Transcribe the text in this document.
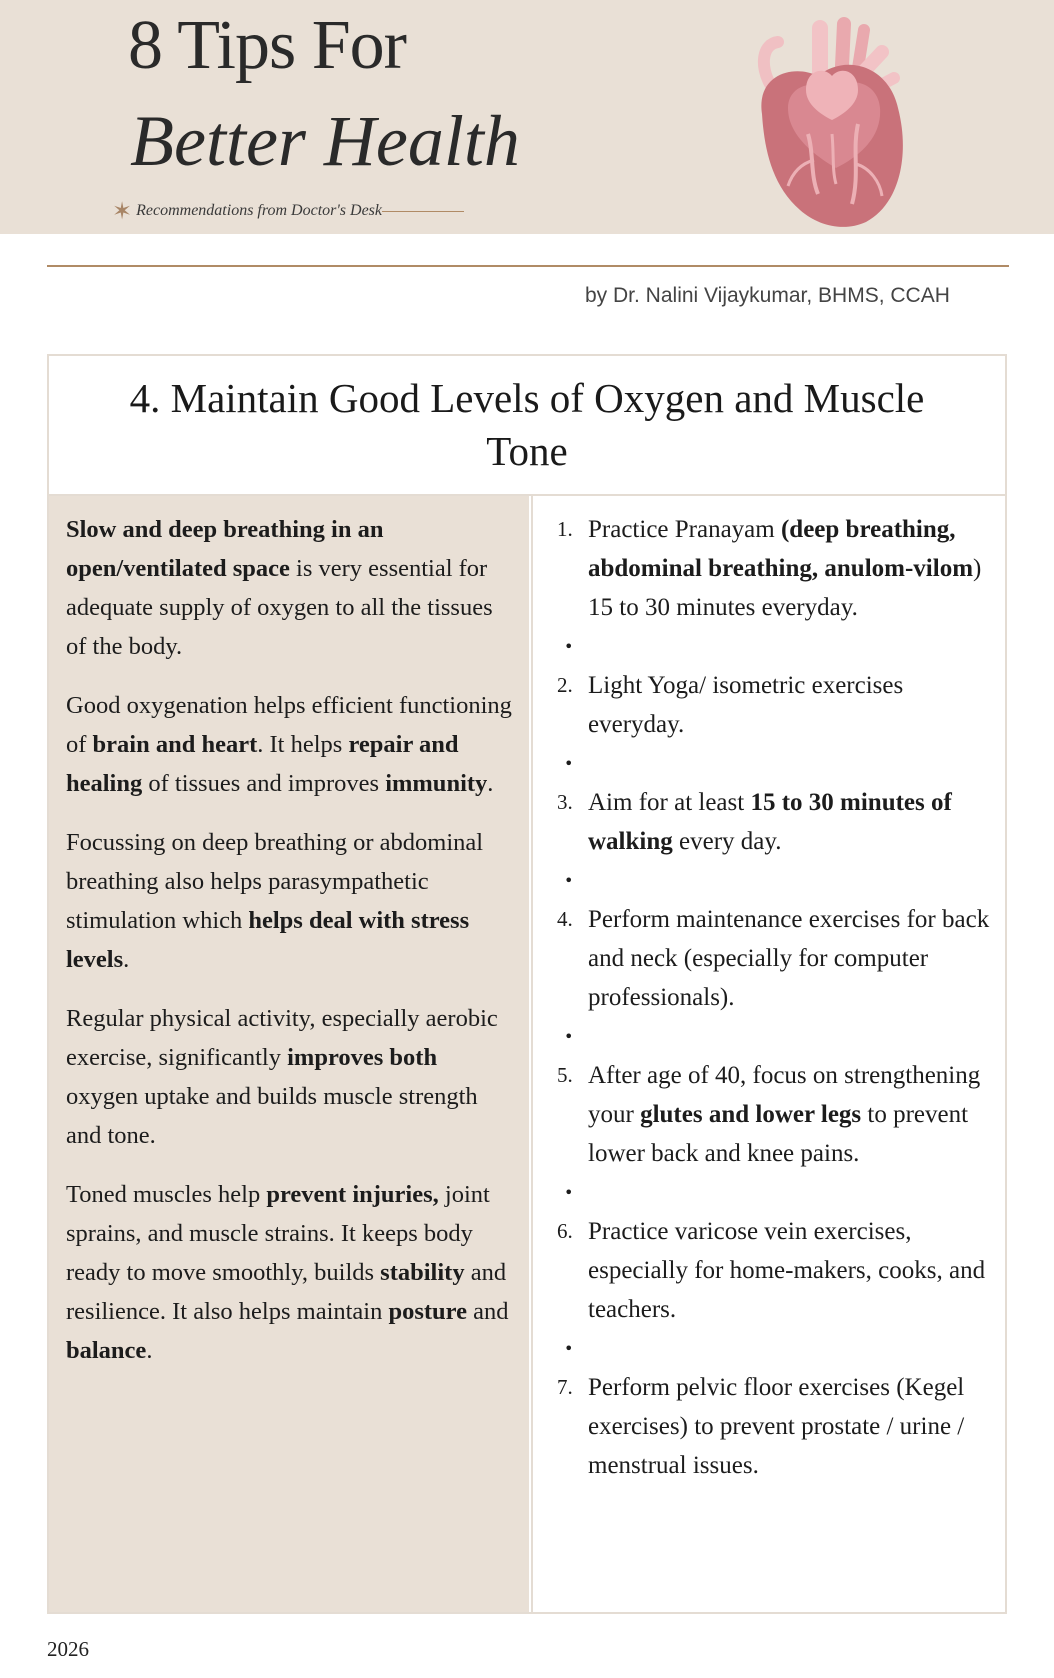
8 Tips For
Better Health
✶ Recommendations from Doctor's Desk
by Dr. Nalini Vijaykumar, BHMS, CCAH
4. Maintain Good Levels of Oxygen and Muscle Tone

Slow and deep breathing in an open/ventilated space is very essential for adequate supply of oxygen to all the tissues of the body.

Good oxygenation helps efficient functioning of brain and heart. It helps repair and healing of tissues and improves immunity.

Focussing on deep breathing or abdominal breathing also helps parasympathetic stimulation which helps deal with stress levels.

Regular physical activity, especially aerobic exercise, significantly improves both oxygen uptake and builds muscle strength and tone.

Toned muscles help prevent injuries, joint sprains, and muscle strains. It keeps body ready to move smoothly, builds stability and resilience. It also helps maintain posture and balance.

1. Practice Pranayam (deep breathing, abdominal breathing, anulom-vilom) 15 to 30 minutes everyday.
•
2. Light Yoga/ isometric exercises everyday.
•
3. Aim for at least 15 to 30 minutes of walking every day.
•
4. Perform maintenance exercises for back and neck (especially for computer professionals).
•
5. After age of 40, focus on strengthening your glutes and lower legs to prevent lower back and knee pains.
•
6. Practice varicose vein exercises, especially for home-makers, cooks, and teachers.
•
7. Perform pelvic floor exercises (Kegel exercises) to prevent prostate / urine / menstrual issues.
2026
